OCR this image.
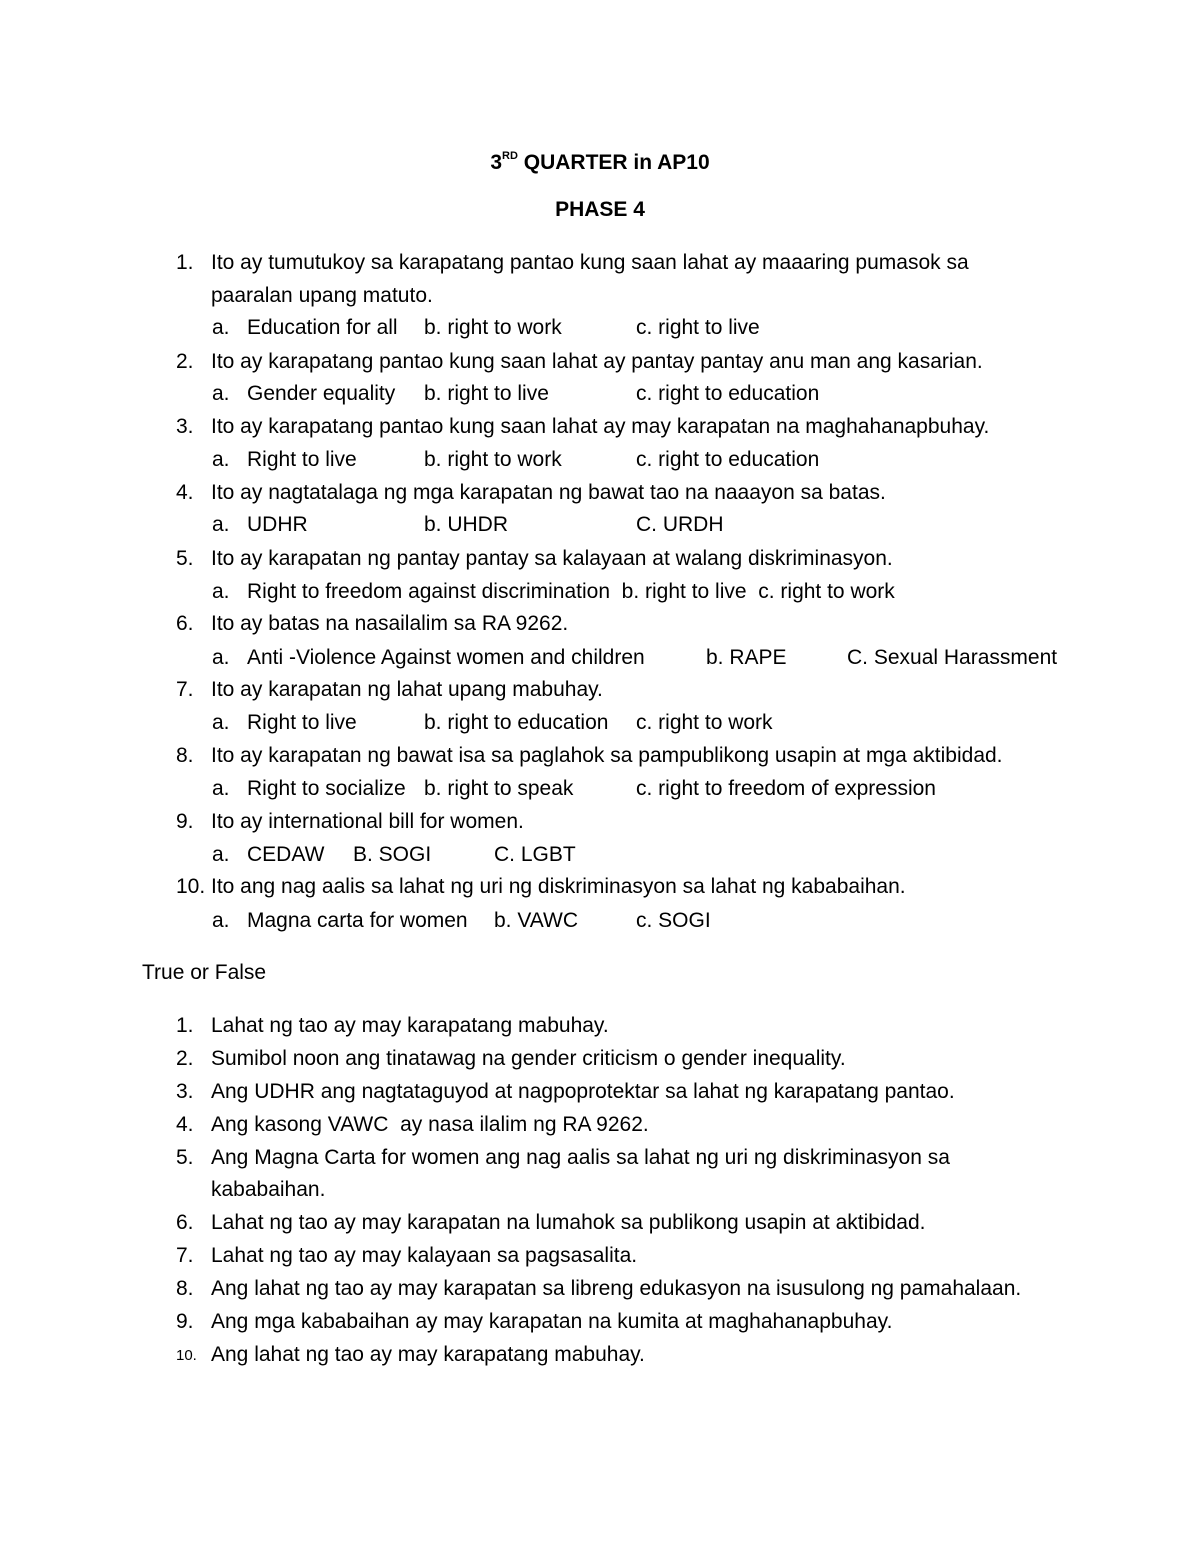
3RD QUARTER in AP10
PHASE 4
1. Ito ay tumutukoy sa karapatang pantao kung saan lahat ay maaaring pumasok sa
paaralan upang matuto.
a. Education for all b. right to work	c. right to live
2. Ito ay karapatang pantao kung saan lahat ay pantay pantay anu man ang kasarian.
a. Gender equality b. right to live	c. right to education
3. Ito ay karapatang pantao kung saan lahat ay may karapatan na maghahanapbuhay.
a. Right to live	b. right to work	c. right to education
4. Ito ay nagtatalaga ng mga karapatan ng bawat tao na naaayon sa batas.
a. UDHR	b. UHDR	C. URDH
5. Ito ay karapatan ng pantay pantay sa kalayaan at walang diskriminasyon.
a. Right to freedom against discrimination  b. right to live  c. right to work
6. Ito ay batas na nasailalim sa RA 9262.
a. Anti -Violence Against women and children	b. RAPE	C. Sexual Harassment
7. Ito ay karapatan ng lahat upang mabuhay.
a. Right to live	b. right to education c. right to work
8. Ito ay karapatan ng bawat isa sa paglahok sa pampublikong usapin at mga aktibidad.
a. Right to socialize b. right to speak	c. right to freedom of expression
9. Ito ay international bill for women.
a. CEDAW B. SOGI	C. LGBT
10. Ito ang nag aalis sa lahat ng uri ng diskriminasyon sa lahat ng kababaihan.
a. Magna carta for women b. VAWC	c. SOGI
True or False
1. Lahat ng tao ay may karapatang mabuhay.
2. Sumibol noon ang tinatawag na gender criticism o gender inequality.
3. Ang UDHR ang nagtataguyod at nagpoprotektar sa lahat ng karapatang pantao.
4. Ang kasong VAWC  ay nasa ilalim ng RA 9262.
5. Ang Magna Carta for women ang nag aalis sa lahat ng uri ng diskriminasyon sa
kababaihan.
6. Lahat ng tao ay may karapatan na lumahok sa publikong usapin at aktibidad.
7. Lahat ng tao ay may kalayaan sa pagsasalita.
8. Ang lahat ng tao ay may karapatan sa libreng edukasyon na isusulong ng pamahalaan.
9. Ang mga kababaihan ay may karapatan na kumita at maghahanapbuhay.
10. Ang lahat ng tao ay may karapatang mabuhay.
